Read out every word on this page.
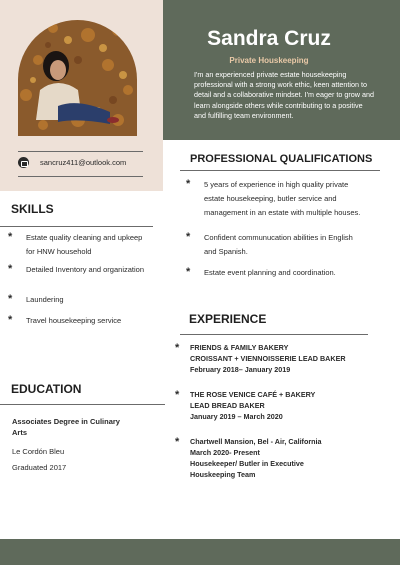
Sandra Cruz
Private Houskeeping
I'm an experienced private estate housekeeping professional with a strong work ethic, keen attention to detail and a collaborative mindset. I'm eager to grow and learn alongside others while contributing to a positive and fulfilling team environment.
sancruz411@outlook.com
SKILLS
* Estate quality cleaning and upkeep for HNW household
* Detailed Inventory and organization
* Laundering
* Travel housekeeping service
EDUCATION
Associates Degree in Culinary Arts
Le Cordón Bleu
Graduated 2017
PROFESSIONAL QUALIFICATIONS
* 5 years of experience in high quality private estate housekeeping, butler service and management in an estate with multiple houses.
* Confident communucation abilities in English and Spanish.
* Estate event planning and coordination.
EXPERIENCE
* FRIENDS & FAMILY BAKERY
CROISSANT + VIENNOISSERIE LEAD BAKER
February 2018– January 2019
* THE ROSE VENICE CAFÉ + BAKERY
LEAD BREAD BAKER
January 2019 – March 2020
* Chartwell Mansion, Bel - Air, California
March 2020- Present
Housekeeper/ Butler in Executive Houskeeping Team
